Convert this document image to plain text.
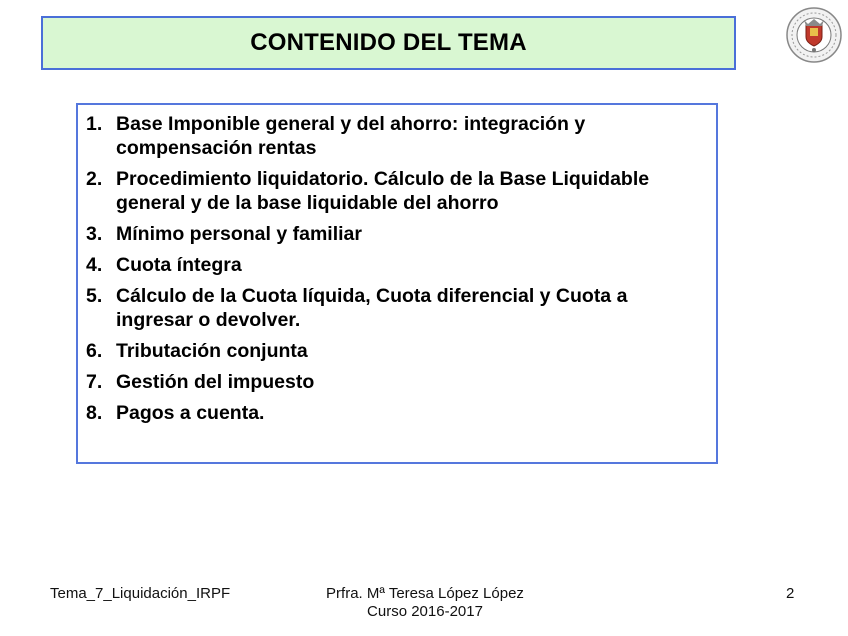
CONTENIDO DEL TEMA
1. Base Imponible general y del ahorro: integración y compensación rentas
2. Procedimiento liquidatorio. Cálculo de la Base Liquidable general y de la base liquidable del ahorro
3. Mínimo personal y familiar
4. Cuota íntegra
5. Cálculo de la Cuota líquida, Cuota diferencial y Cuota a ingresar o devolver.
6. Tributación conjunta
7. Gestión del impuesto
8. Pagos a cuenta.
Tema_7_Liquidación_IRPF	Prfra. Mª Teresa López López
Curso 2016-2017
2
